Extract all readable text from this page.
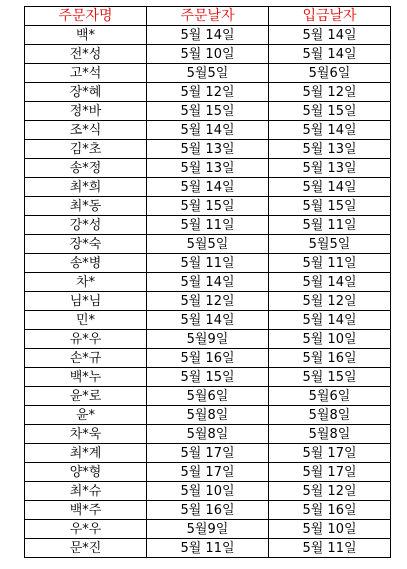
주문자명	주문날자	입금날자
백*	5월 14일	5월 14일
전*성	5월 10일	5월 14일
고*석	5월5일	5월6일
장*혜	5월 12일	5월 12일
정*바	5월 15일	5월 15일
조*식	5월 14일	5월 14일
김*초	5월 13일	5월 13일
송*정	5월 13일	5월 13일
최*희	5월 14일	5월 14일
최*동	5월 15일	5월 15일
강*성	5월 11일	5월 11일
장*숙	5월5일	5월5일
송*병	5월 11일	5월 11일
차*	5월 14일	5월 14일
님*님	5월 12일	5월 12일
민*	5월 14일	5월 14일
유*우	5월9일	5월 10일
손*규	5월 16일	5월 16일
백*누	5월 15일	5월 15일
윤*로	5월6일	5월6일
윤*	5월8일	5월8일
차*욱	5월8일	5월8일
최*계	5월 17일	5월 17일
양*형	5월 17일	5월 17일
최*슈	5월 10일	5월 12일
백*주	5월 16일	5월 16일
우*우	5월9일	5월 10일
문*진	5월 11일	5월 11일
